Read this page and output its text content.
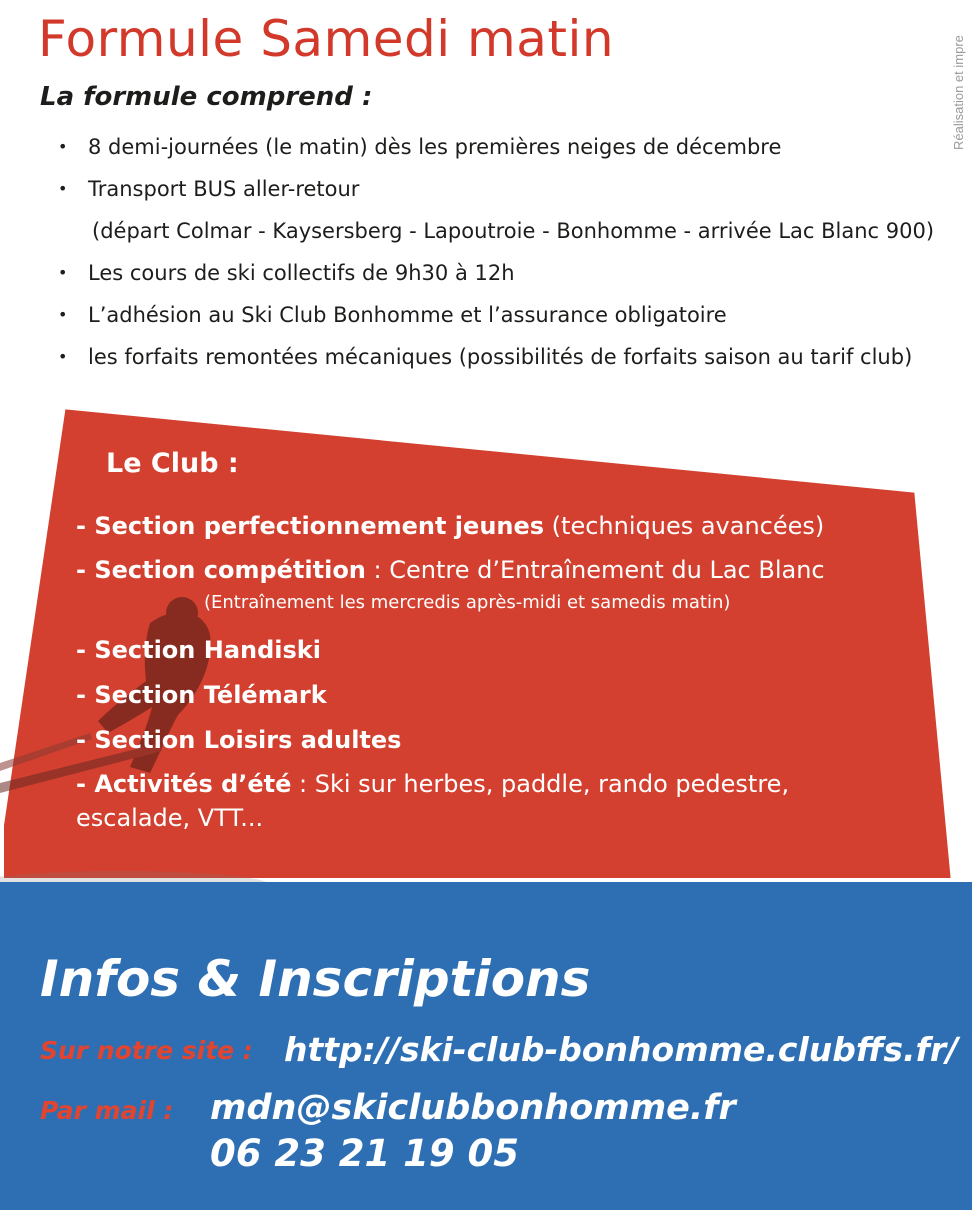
Réalisation et impre
Formule Samedi matin
La formule comprend :
• 8 demi-journées (le matin) dès les premières neiges de décembre
• Transport BUS aller-retour
(départ Colmar - Kaysersberg - Lapoutroie - Bonhomme - arrivée Lac Blanc 900)
• Les cours de ski collectifs de 9h30 à 12h
• L’adhésion au Ski Club Bonhomme et l’assurance obligatoire
• les forfaits remontées mécaniques (possibilités de forfaits saison au tarif club)
Le Club :
- Section perfectionnement jeunes (techniques avancées)
- Section compétition : Centre d’Entraînement du Lac Blanc
(Entraînement les mercredis après-midi et samedis matin)
- Section Handiski
- Section Télémark
- Section Loisirs adultes
- Activités d’été : Ski sur herbes, paddle, rando pedestre,
escalade, VTT...
Infos & Inscriptions
Sur notre site : http://ski-club-bonhomme.clubffs.fr/
Par mail : mdn@skiclubbonhomme.fr
06 23 21 19 05
